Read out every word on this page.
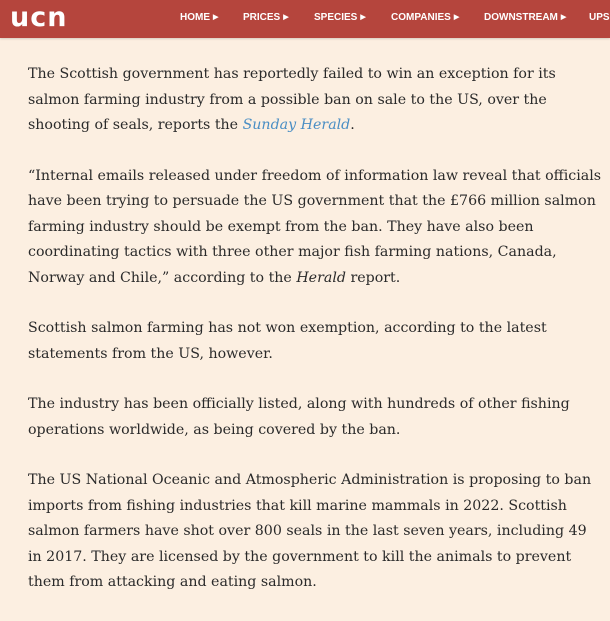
ucn	HOME ▶ PRICES ▶	SPECIES ▶	COMPANIES ▶ DOWNSTREAM ▶ UPS

The Scottish government has reportedly failed to win an exception for its salmon farming industry from a possible ban on sale to the US, over the shooting of seals, reports the Sunday Herald.

“Internal emails released under freedom of information law reveal that officials have been trying to persuade the US government that the £766 million salmon farming industry should be exempt from the ban. They have also been coordinating tactics with three other major fish farming nations, Canada, Norway and Chile,” according to the Herald report.

Scottish salmon farming has not won exemption, according to the latest statements from the US, however.

The industry has been officially listed, along with hundreds of other fishing operations worldwide, as being covered by the ban.

The US National Oceanic and Atmospheric Administration is proposing to ban imports from fishing industries that kill marine mammals in 2022. Scottish salmon farmers have shot over 800 seals in the last seven years, including 49 in 2017. They are licensed by the government to kill the animals to prevent them from attacking and eating salmon.
